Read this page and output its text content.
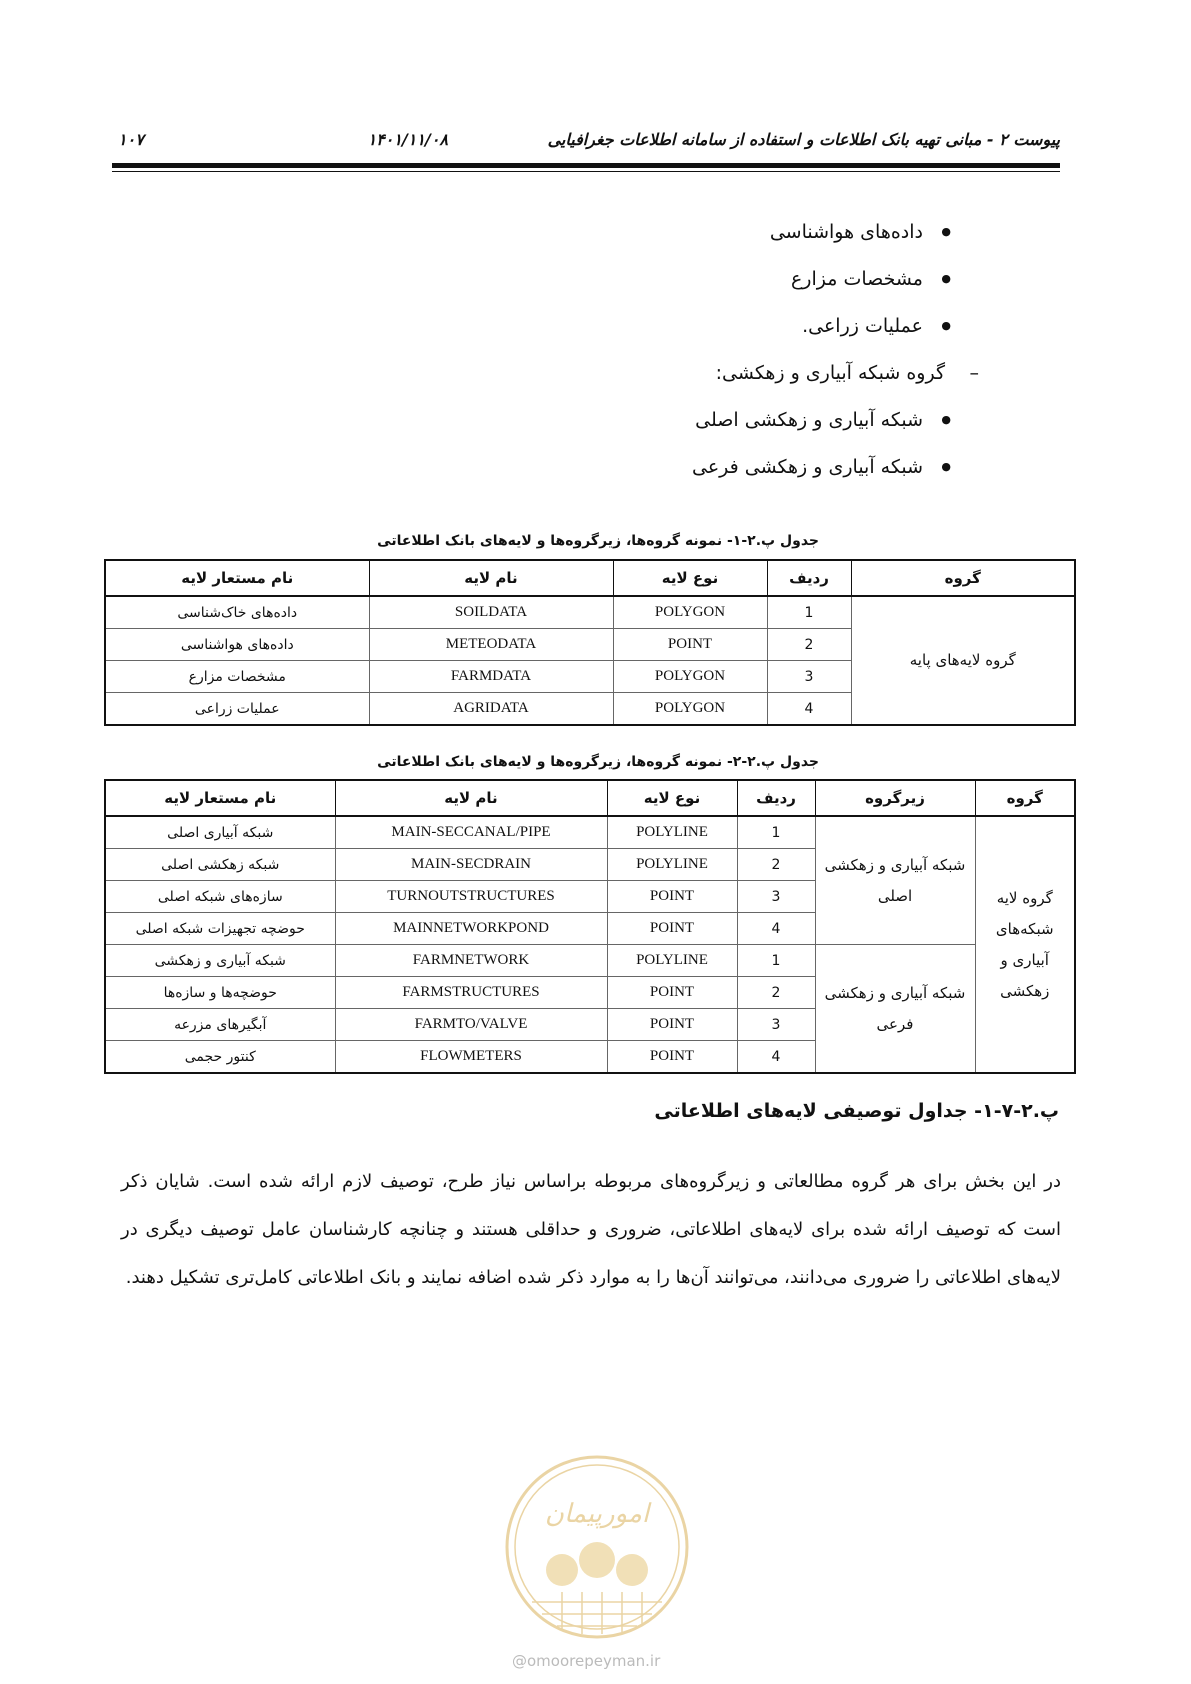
پیوست ۲ - مبانی تهیه بانک اطلاعات و استفاده از سامانه اطلاعات جغرافیایی
۱۴۰۱/۱۱/۰۸
۱۰۷
● داده‌های هواشناسی
● مشخصات مزارع
● عملیات زراعی.
– گروه شبکه آبیاری و زهکشی:
● شبکه آبیاری و زهکشی اصلی
● شبکه آبیاری و زهکشی فرعی
جدول پ.۲-۱- نمونه گروه‌ها، زیرگروه‌ها و لایه‌های بانک اطلاعاتی
گروه	ردیف	نوع لایه	نام لایه	نام مستعار لایه
گروه لایه‌های پایه	1	POLYGON	SOILDATA	داده‌های خاک‌شناسی
	2	POINT	METEODATA	داده‌های هواشناسی
	3	POLYGON	FARMDATA	مشخصات مزارع
	4	POLYGON	AGRIDATA	عملیات زراعی
جدول پ.۲-۲- نمونه گروه‌ها، زیرگروه‌ها و لایه‌های بانک اطلاعاتی
گروه	زیرگروه	ردیف	نوع لایه	نام لایه	نام مستعار لایه
گروه لایه شبکه‌های آبیاری و زهکشی	شبکه آبیاری و زهکشی اصلی	1	POLYLINE	MAIN-SECCANAL/PIPE	شبکه آبیاری اصلی
		2	POLYLINE	MAIN-SECDRAIN	شبکه زهکشی اصلی
		3	POINT	TURNOUTSTRUCTURES	سازه‌های شبکه اصلی
		4	POINT	MAINNETWORKPOND	حوضچه تجهیزات شبکه اصلی
	شبکه آبیاری و زهکشی فرعی	1	POLYLINE	FARMNETWORK	شبکه آبیاری و زهکشی
		2	POINT	FARMSTRUCTURES	حوضچه‌ها و سازه‌ها
		3	POINT	FARMTO/VALVE	آبگیرهای مزرعه
		4	POINT	FLOWMETERS	کنتور حجمی
پ.۲-۷-۱- جداول توصیفی لایه‌های اطلاعاتی
در این بخش برای هر گروه مطالعاتی و زیرگروه‌های مربوطه براساس نیاز طرح، توصیف لازم ارائه شده است. شایان ذکر است که توصیف ارائه شده برای لایه‌های اطلاعاتی، ضروری و حداقلی هستند و چنانچه کارشناسان عامل توصیف دیگری در لایه‌های اطلاعاتی را ضروری می‌دانند، می‌توانند آن‌ها را به موارد ذکر شده اضافه نمایند و بانک اطلاعاتی کامل‌تری تشکیل دهند.
امورپیمان
@omoorepeyman.ir
